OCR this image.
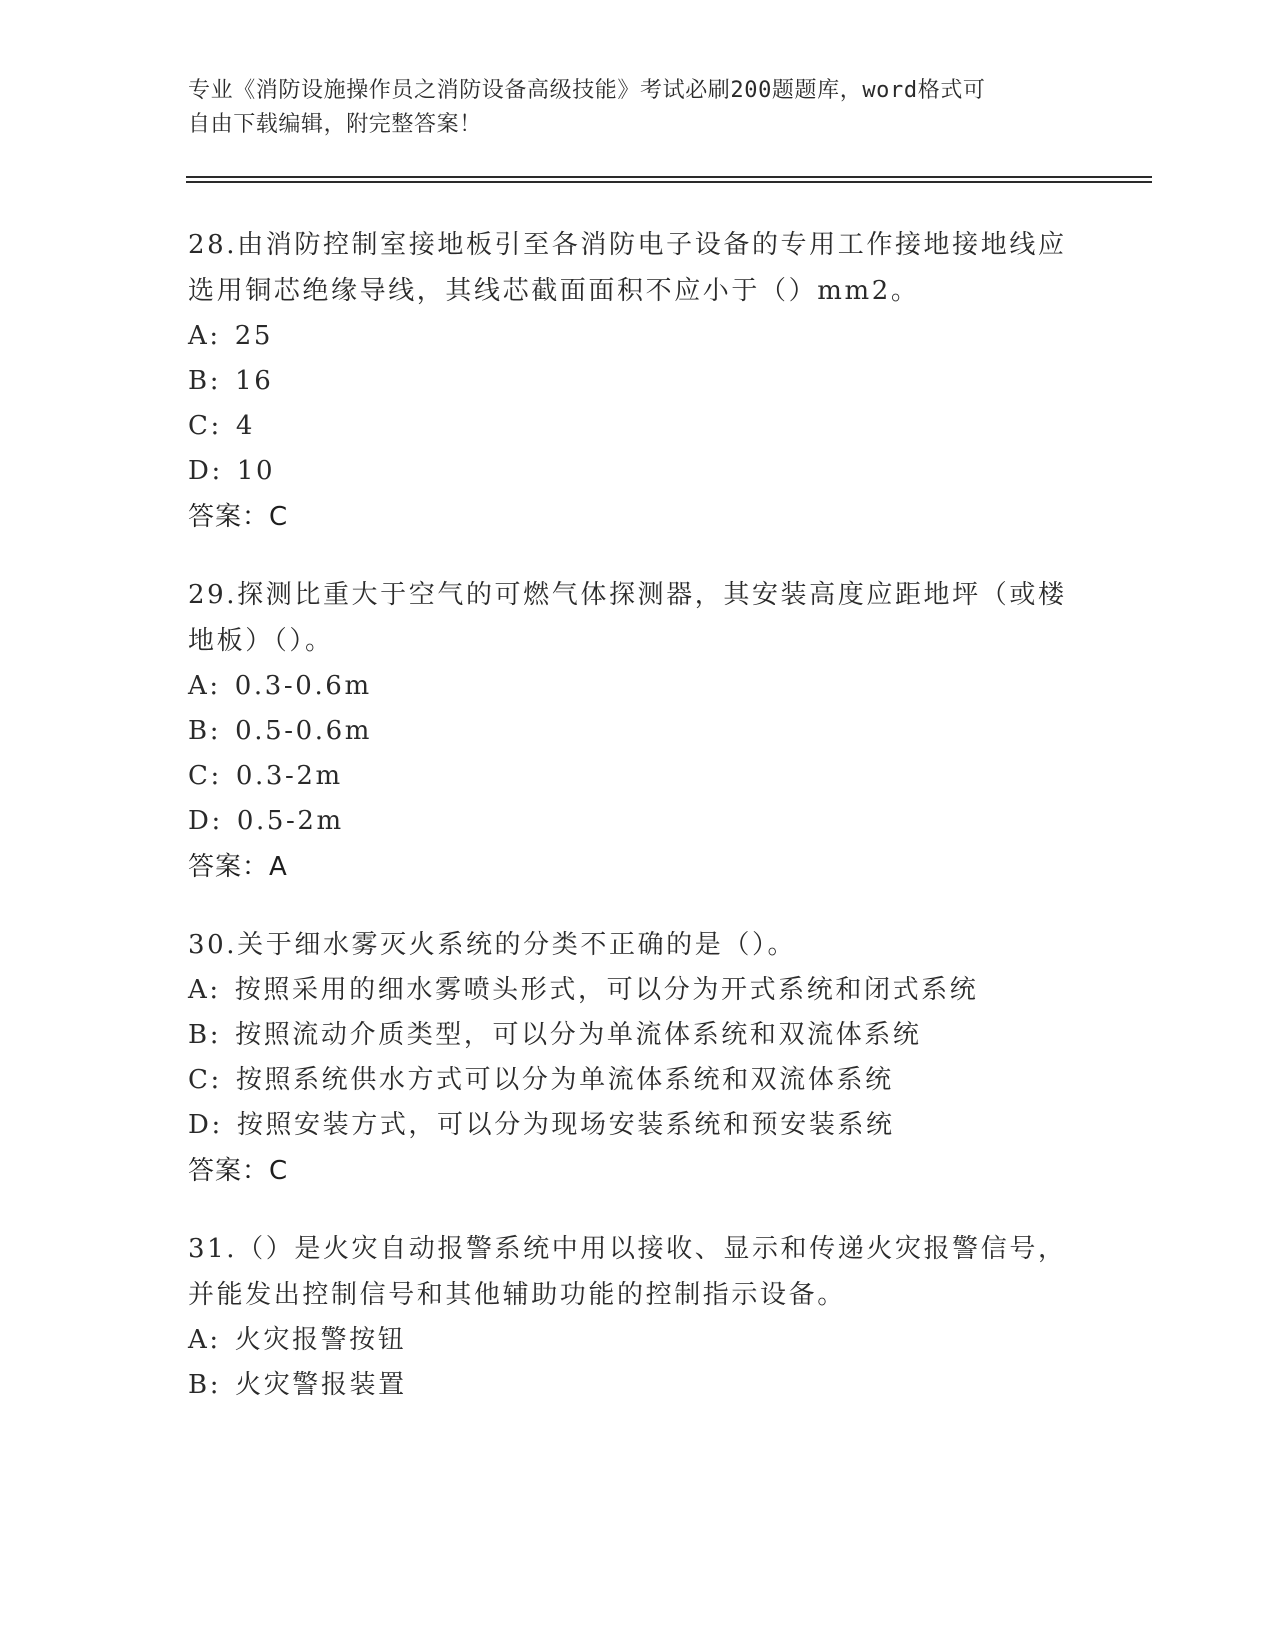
专业《消防设施操作员之消防设备高级技能》考试必刷200题题库，word格式可
自由下载编辑，附完整答案！
28.由消防控制室接地板引至各消防电子设备的专用工作接地接地线应
选用铜芯绝缘导线，其线芯截面面积不应小于（）mm2。
A: 25
B: 16
C: 4
D: 10
答案：C
29.探测比重大于空气的可燃气体探测器，其安装高度应距地坪（或楼
地板）（）。
A: 0.3-0.6m
B: 0.5-0.6m
C: 0.3-2m
D: 0.5-2m
答案：A
30.关于细水雾灭火系统的分类不正确的是（）。
A: 按照采用的细水雾喷头形式，可以分为开式系统和闭式系统
B: 按照流动介质类型，可以分为单流体系统和双流体系统
C: 按照系统供水方式可以分为单流体系统和双流体系统
D: 按照安装方式，可以分为现场安装系统和预安装系统
答案：C
31.（）是火灾自动报警系统中用以接收、显示和传递火灾报警信号，
并能发出控制信号和其他辅助功能的控制指示设备。
A: 火灾报警按钮
B: 火灾警报装置
